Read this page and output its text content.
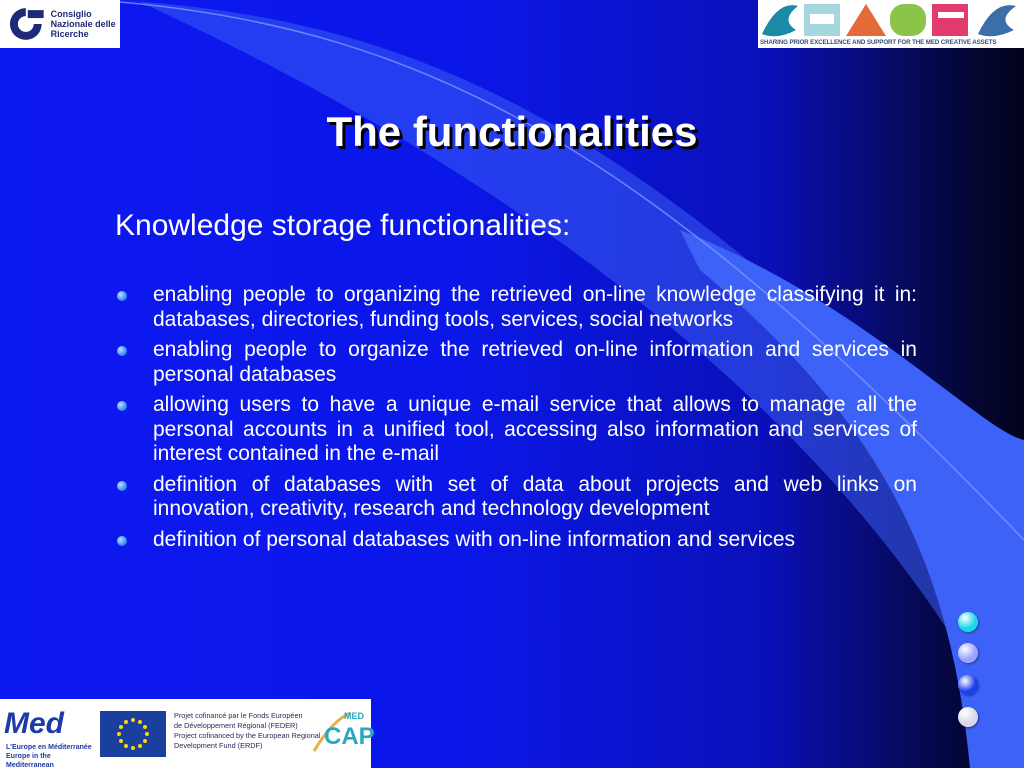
Consiglio Nazionale delle Ricerche
SHARING PRIOR EXCELLENCE AND SUPPORT FOR THE MED CREATIVE ASSETS
The functionalities
Knowledge storage functionalities:
enabling people to organizing the retrieved on-line knowledge classifying it in: databases, directories, funding tools, services, social networks
enabling people to organize the retrieved on-line information and services in personal databases
allowing users to have a unique e-mail service that allows to manage all the personal accounts in a unified tool, accessing also information and services of interest contained in the e-mail
definition of databases with set of data about projects and web links on innovation, creativity, research and technology development
definition of personal databases with on-line information and services
Med
L'Europe en Méditerranée
Europe in the Mediterranean
Projet cofinancé par le Fonds Européen
de Développement Régional (FEDER)
Project cofinanced by the European Regional
Development Fund (ERDF)
MED
CAP
